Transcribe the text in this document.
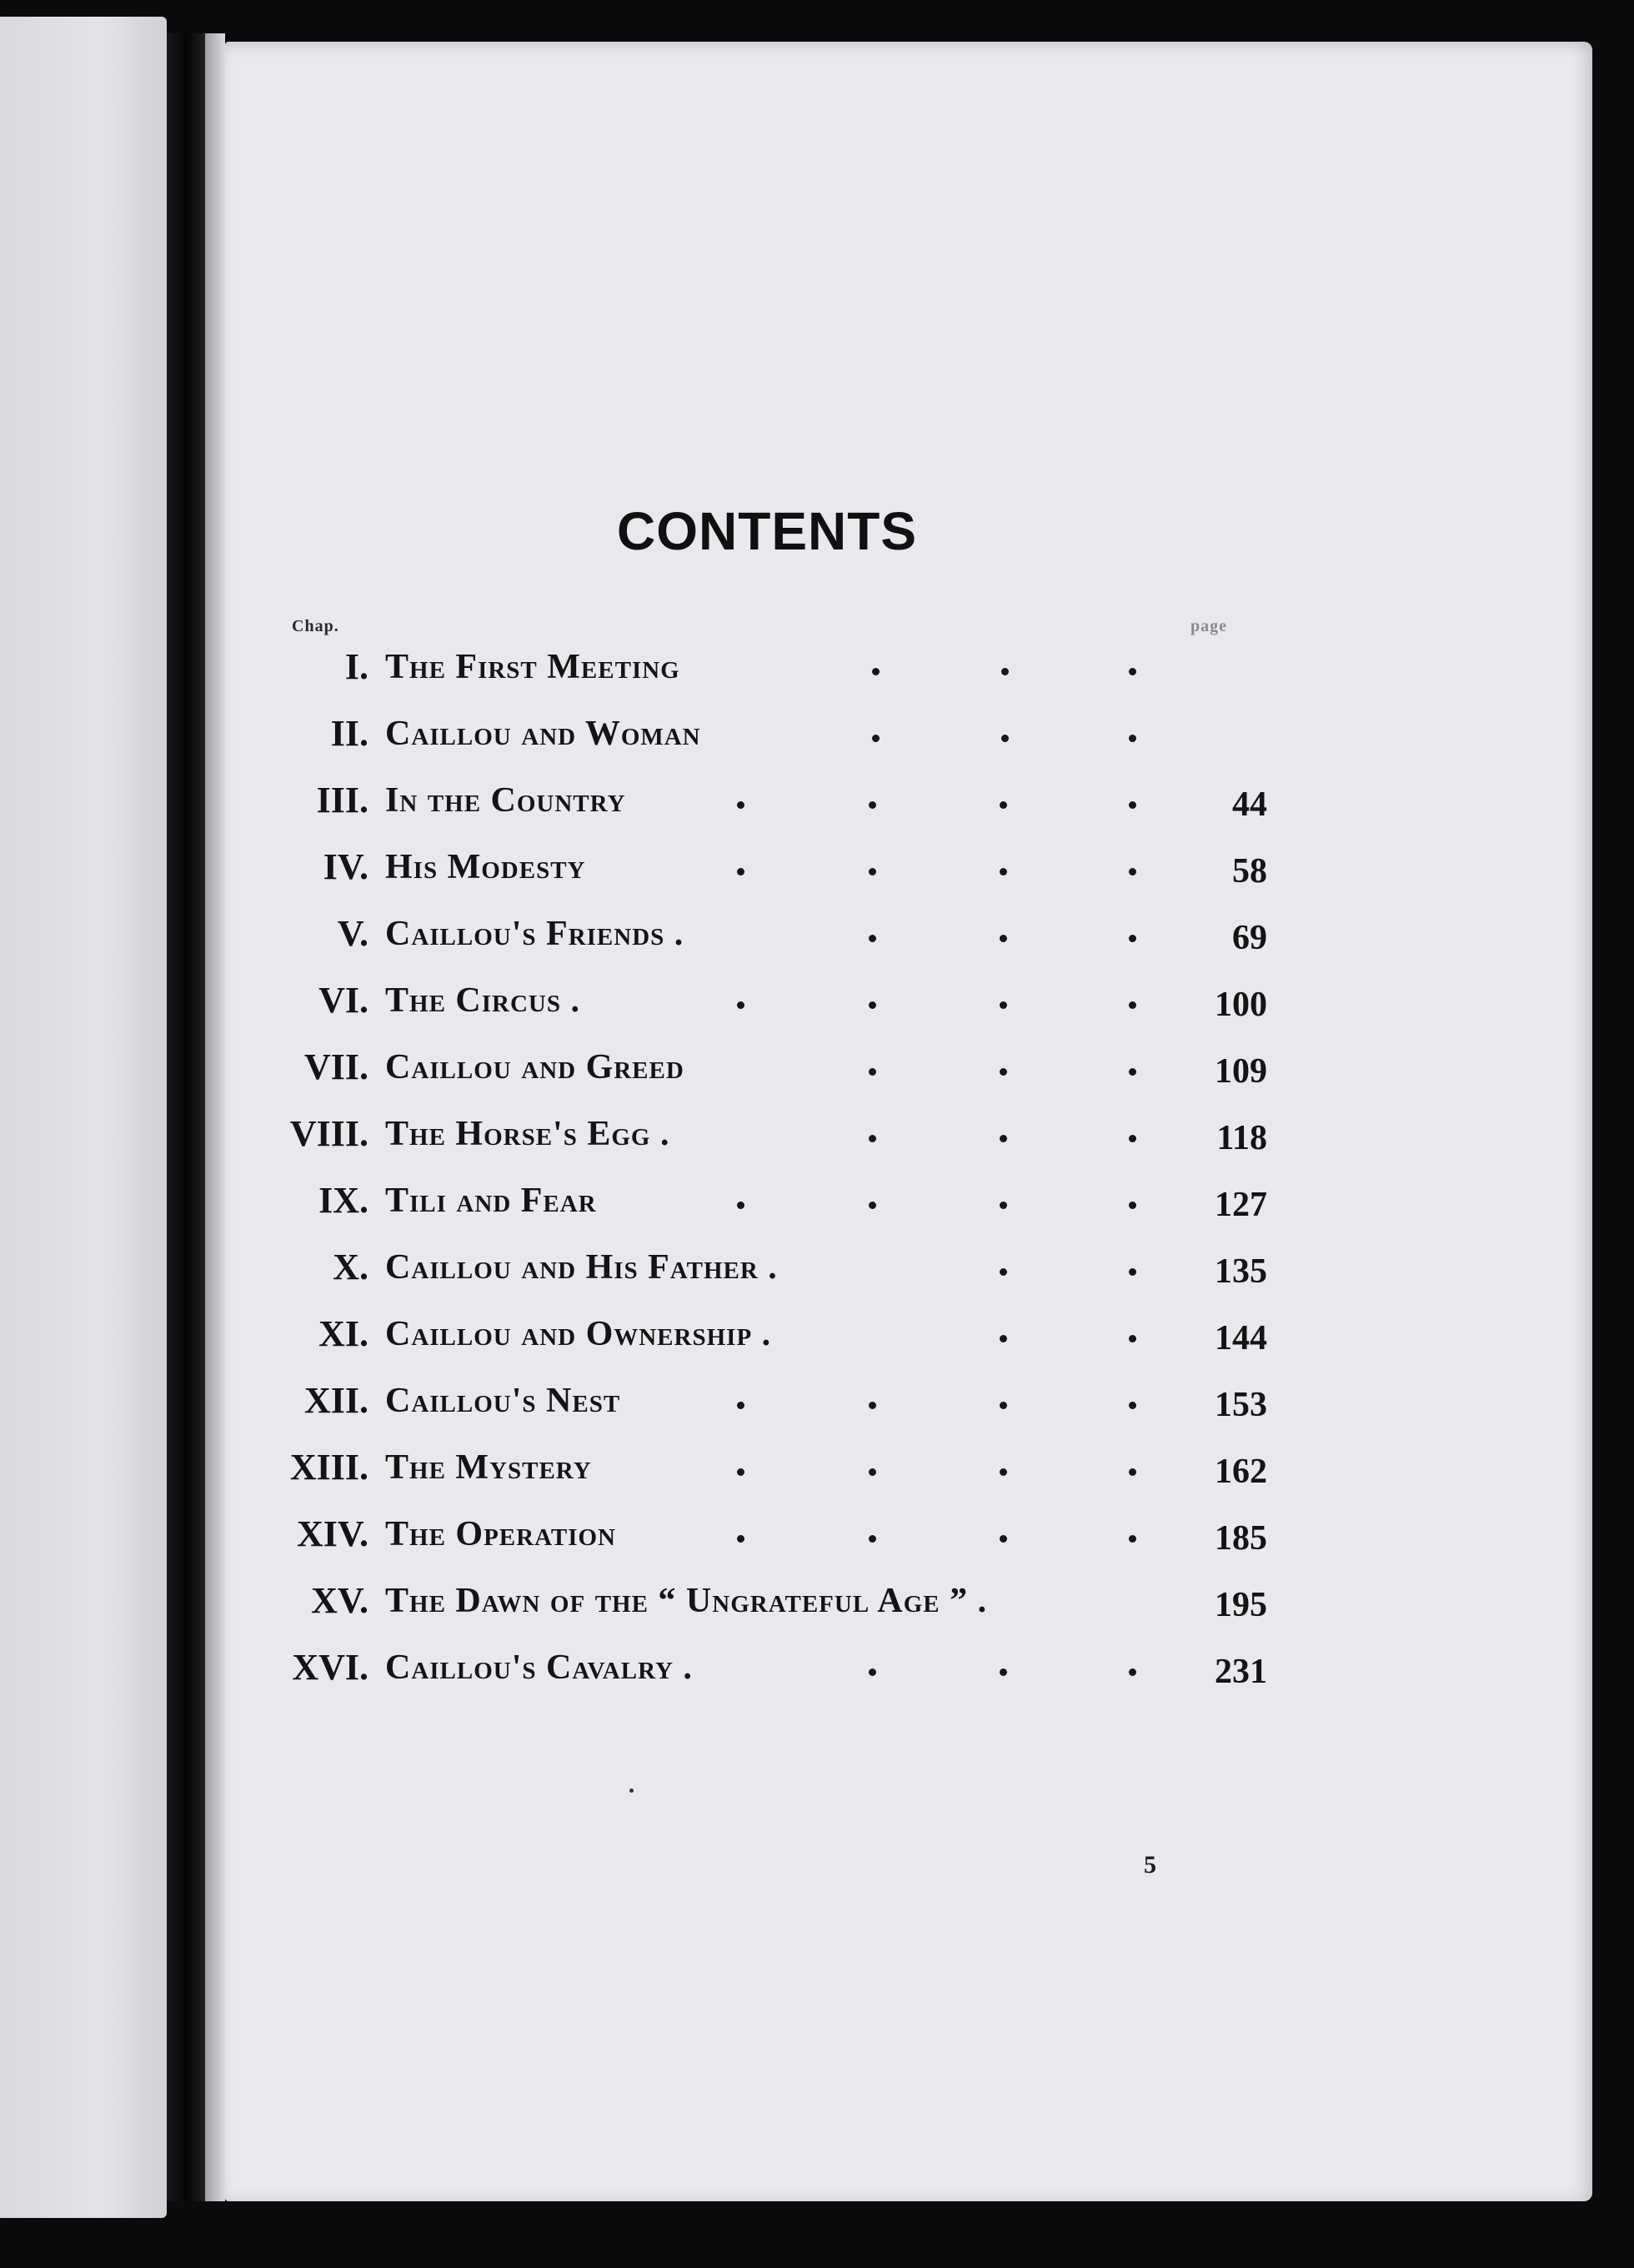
CONTENTS
Chap.	page
I. The First Meeting
II. Caillou and Woman
III. In the Country	44
IV. His Modesty	58
V. Caillou's Friends .	69
VI. The Circus .	100
VII. Caillou and Greed	109
VIII. The Horse's Egg .	118
IX. Tili and Fear	127
X. Caillou and His Father .	135
XI. Caillou and Ownership .	144
XII. Caillou's Nest	153
XIII. The Mystery	162
XIV. The Operation	185
XV. The Dawn of the “ Ungrateful Age ” .	195
XVI. Caillou's Cavalry .	231
5
